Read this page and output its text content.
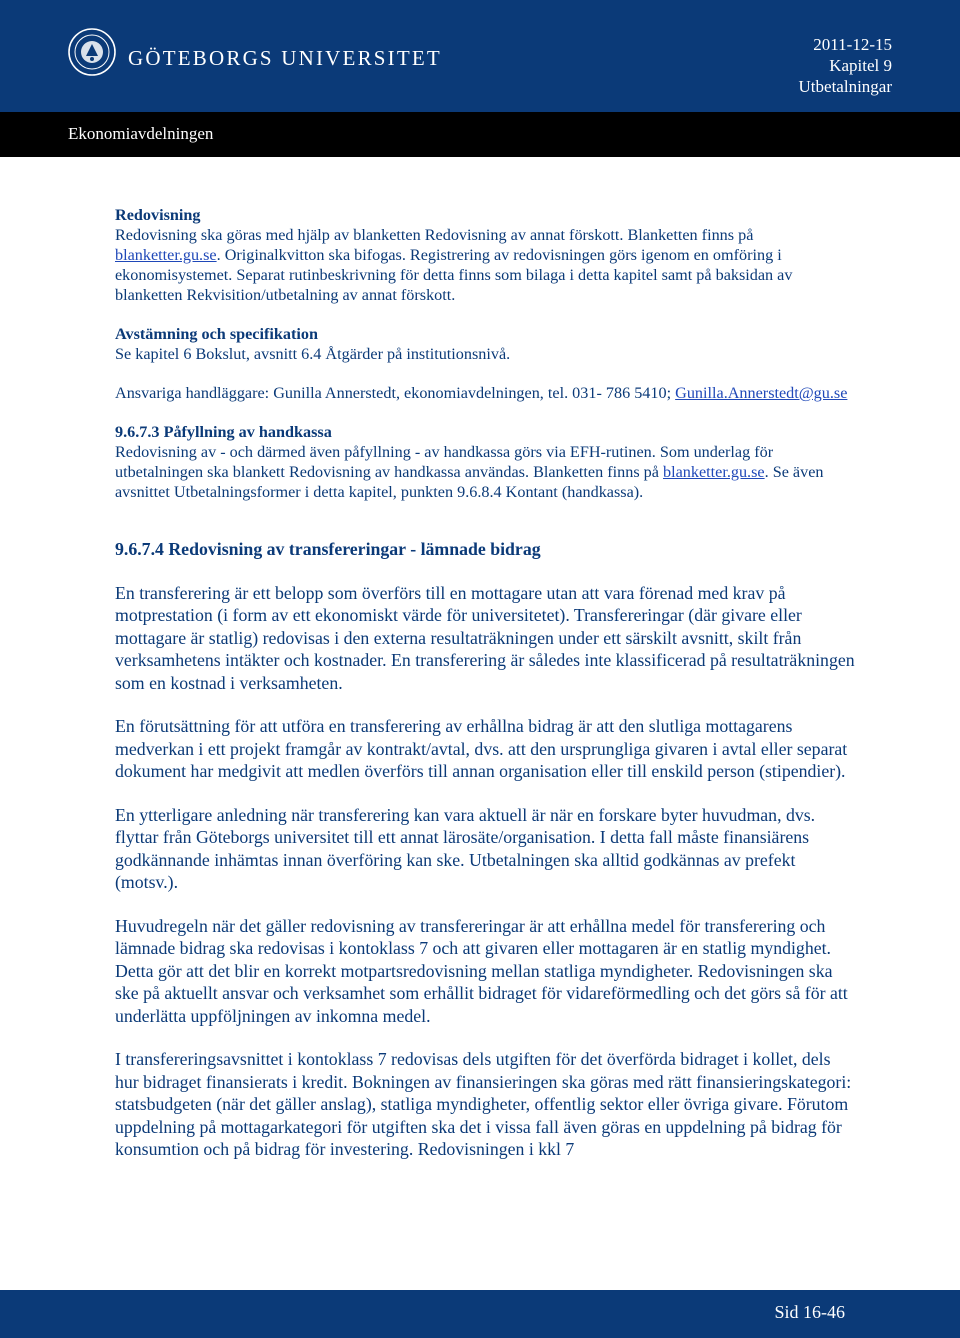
GÖTEBORGS UNIVERSITET
2011-12-15
Kapitel 9
Utbetalningar
Ekonomiavdelningen

Redovisning

Redovisning ska göras med hjälp av blanketten Redovisning av annat förskott. Blanketten finns på blanketter.gu.se. Originalkvitton ska bifogas. Registrering av redovisningen görs igenom en omföring i ekonomisystemet. Separat rutinbeskrivning för detta finns som bilaga i detta kapitel samt på baksidan av blanketten Rekvisition/utbetalning av annat förskott.

Avstämning och specifikation

Se kapitel 6 Bokslut, avsnitt 6.4 Åtgärder på institutionsnivå.

Ansvariga handläggare: Gunilla Annerstedt, ekonomiavdelningen, tel. 031- 786 5410; Gunilla.Annerstedt@gu.se

9.6.7.3 Påfyllning av handkassa

Redovisning av - och därmed även påfyllning - av handkassa görs via EFH-rutinen. Som underlag för utbetalningen ska blankett Redovisning av handkassa användas. Blanketten finns på blanketter.gu.se. Se även avsnittet Utbetalningsformer i detta kapitel, punkten 9.6.8.4 Kontant (handkassa).

9.6.7.4 Redovisning av transfereringar - lämnade bidrag

En transferering är ett belopp som överförs till en mottagare utan att vara förenad med krav på motprestation (i form av ett ekonomiskt värde för universitetet). Transfereringar (där givare eller mottagare är statlig) redovisas i den externa resultaträkningen under ett särskilt avsnitt, skilt från verksamhetens intäkter och kostnader. En transferering är således inte klassificerad på resultaträkningen som en kostnad i verksamheten.

En förutsättning för att utföra en transferering av erhållna bidrag är att den slutliga mottagarens medverkan i ett projekt framgår av kontrakt/avtal, dvs. att den ursprungliga givaren i avtal eller separat dokument har medgivit att medlen överförs till annan organisation eller till enskild person (stipendier).

En ytterligare anledning när transferering kan vara aktuell är när en forskare byter huvudman, dvs. flyttar från Göteborgs universitet till ett annat lärosäte/organisation. I detta fall måste finansiärens godkännande inhämtas innan överföring kan ske. Utbetalningen ska alltid godkännas av prefekt (motsv.).

Huvudregeln när det gäller redovisning av transfereringar är att erhållna medel för transferering och lämnade bidrag ska redovisas i kontoklass 7 och att givaren eller mottagaren är en statlig myndighet. Detta gör att det blir en korrekt motpartsredovisning mellan statliga myndigheter. Redovisningen ska ske på aktuellt ansvar och verksamhet som erhållit bidraget för vidareförmedling och det görs så för att underlätta uppföljningen av inkomna medel.

I transfereringsavsnittet i kontoklass 7 redovisas dels utgiften för det överförda bidraget i kollet, dels hur bidraget finansierats i kredit. Bokningen av finansieringen ska göras med rätt finansieringskategori: statsbudgeten (när det gäller anslag), statliga myndigheter, offentlig sektor eller övriga givare. Förutom uppdelning på mottagarkategori för utgiften ska det i vissa fall även göras en uppdelning på bidrag för konsumtion och på bidrag för investering. Redovisningen i kkl 7

Sid 16-46
